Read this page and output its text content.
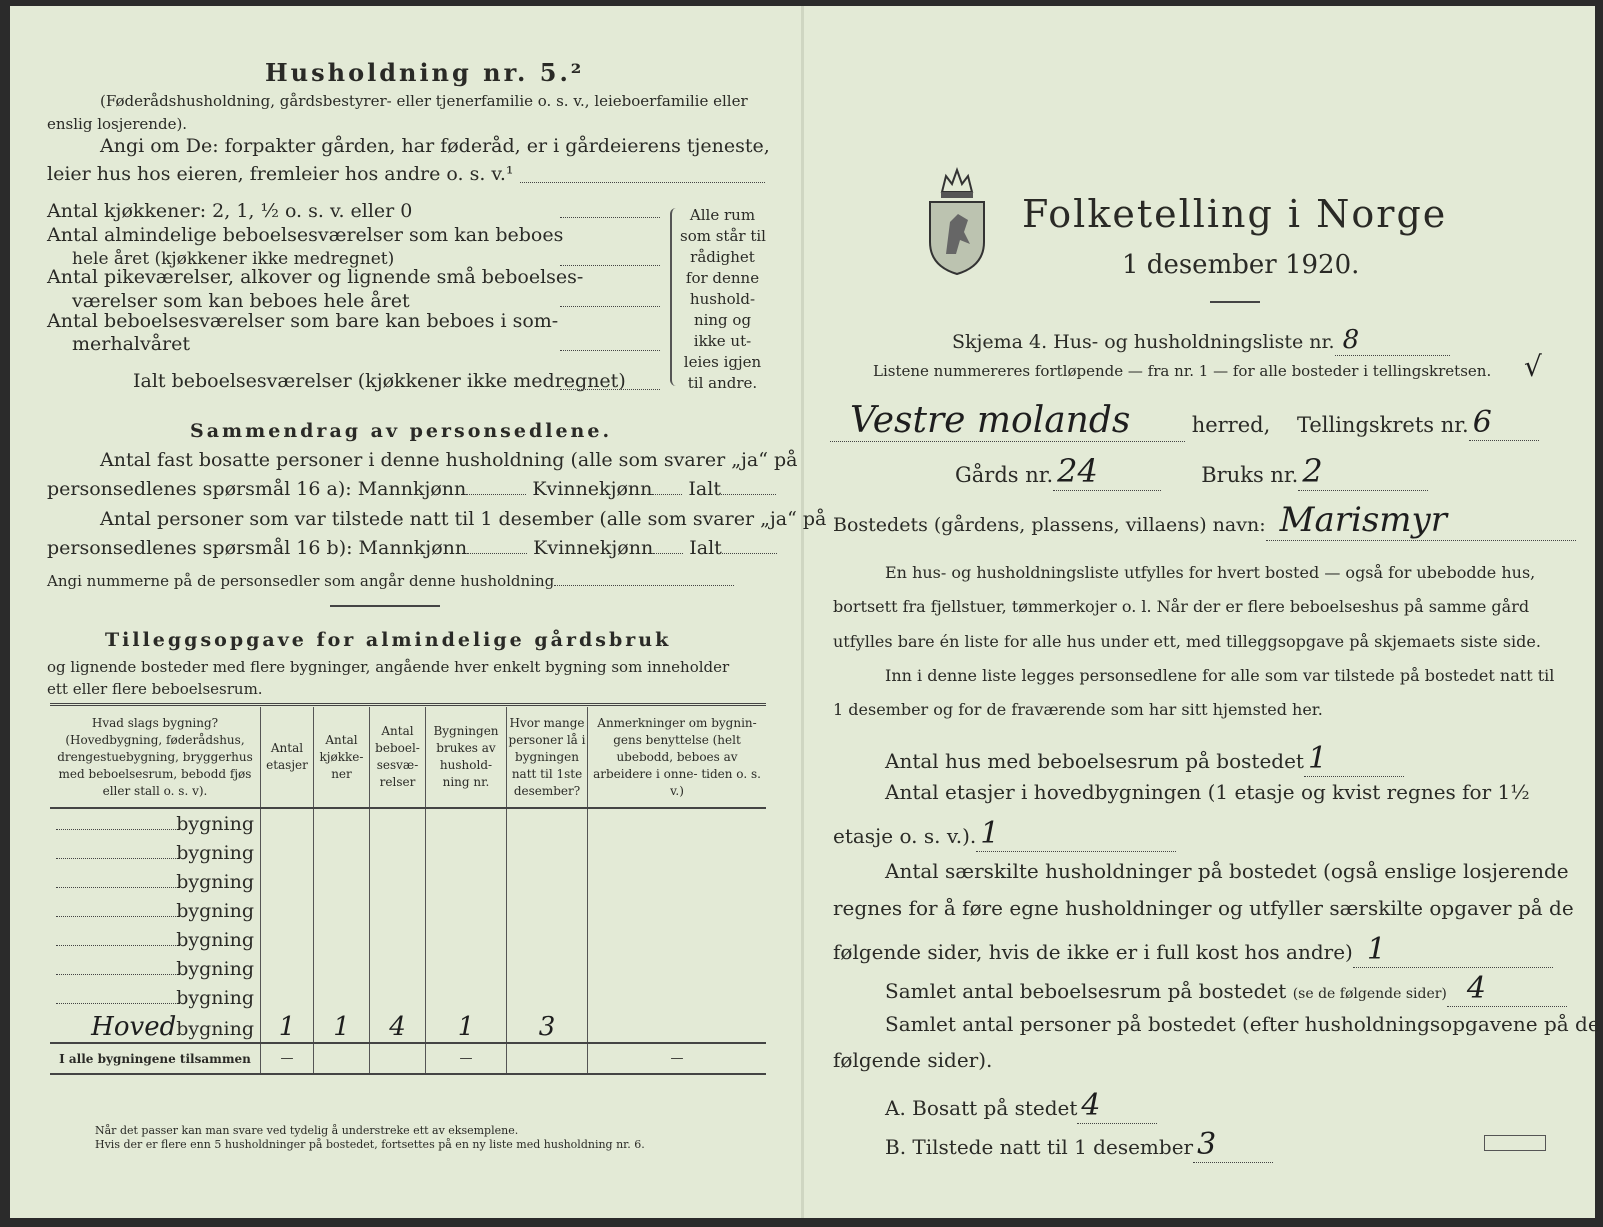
Husholdning nr. 5.²
(Føderådshusholdning, gårdsbestyrer- eller tjenerfamilie o. s. v., leieboerfamilie eller
enslig losjerende).
Angi om De: forpakter gården, har føderåd, er i gårdeierens tjeneste,
leier hus hos eieren, fremleier hos andre o. s. v.¹
Antal kjøkkener: 2, 1, ½ o. s. v. eller 0
Antal almindelige beboelsesværelser som kan beboes
hele året (kjøkkener ikke medregnet)
Antal pikeværelser, alkover og lignende små beboelses-
værelser som kan beboes hele året
Antal beboelsesværelser som bare kan beboes i som-
merhalvåret
Ialt beboelsesværelser (kjøkkener ikke medregnet)
Alle rum
som står til
rådighet
for denne
hushold-
ning og
ikke ut-
leies igjen
til andre.
Sammendrag av personsedlene.
Antal fast bosatte personer i denne husholdning (alle som svarer „ja“ på
personsedlenes spørsmål 16 a): Mannkjønn	Kvinnekjønn Ialt
Antal personer som var tilstede natt til 1 desember (alle som svarer „ja“ på
personsedlenes spørsmål 16 b): Mannkjønn	Kvinnekjønn Ialt
Angi nummerne på de personsedler som angår denne husholdning
Tilleggsopgave for almindelige gårdsbruk
og lignende bosteder med flere bygninger, angående hver enkelt bygning som inneholder
ett eller flere beboelsesrum.
Hvad slags bygning? (Hovedbygning, føderådshus, drengestuebygning, bryggerhus med beboelsesrum, bebodd fjøs eller stall o. s. v).	Antal etasjer	Antal kjøkke- ner	Antal beboel- sesvæ- relser	Bygningen brukes av hushold- ning nr.	Hvor mange personer lå i bygningen natt til 1ste desember?	Anmerkninger om bygnin- gens benyttelse (helt ubebodd, beboes av arbeidere i onne- tiden o. s. v.)
bygning						
bygning						
bygning						
bygning						
bygning						
bygning						
bygning						
Hovedbygning	1	1	4	1	3	
I alle bygningene tilsammen	—			—		—
Når det passer kan man svare ved tydelig å understreke ett av eksemplene.
Hvis der er flere enn 5 husholdninger på bostedet, fortsettes på en ny liste med husholdning nr. 6.
Folketelling i Norge
1 desember 1920.
Skjema 4. Hus- og husholdningsliste nr. 8
Listene nummereres fortløpende — fra nr. 1 — for alle bosteder i tellingskretsen. √
Vestre molands	herred, Tellingskrets nr. 6
Gårds nr. 24	Bruks nr. 2
Bostedets (gårdens, plassens, villaens) navn: Marismyr
En hus- og husholdningsliste utfylles for hvert bosted — også for ubebodde hus,
bortsett fra fjellstuer, tømmerkojer o. l. Når der er flere beboelseshus på samme gård
utfylles bare én liste for alle hus under ett, med tilleggsopgave på skjemaets siste side.
Inn i denne liste legges personsedlene for alle som var tilstede på bostedet natt til
1 desember og for de fraværende som har sitt hjemsted her.
Antal hus med beboelsesrum på bostedet 1
Antal etasjer i hovedbygningen (1 etasje og kvist regnes for 1½
etasje o. s. v.). 1
Antal særskilte husholdninger på bostedet (også enslige losjerende
regnes for å føre egne husholdninger og utfyller særskilte opgaver på de
følgende sider, hvis de ikke er i full kost hos andre) 1
Samlet antal beboelsesrum på bostedet (se de følgende sider) 4
Samlet antal personer på bostedet (efter husholdningsopgavene på de
følgende sider).
A. Bosatt på stedet 4
B. Tilstede natt til 1 desember 3
